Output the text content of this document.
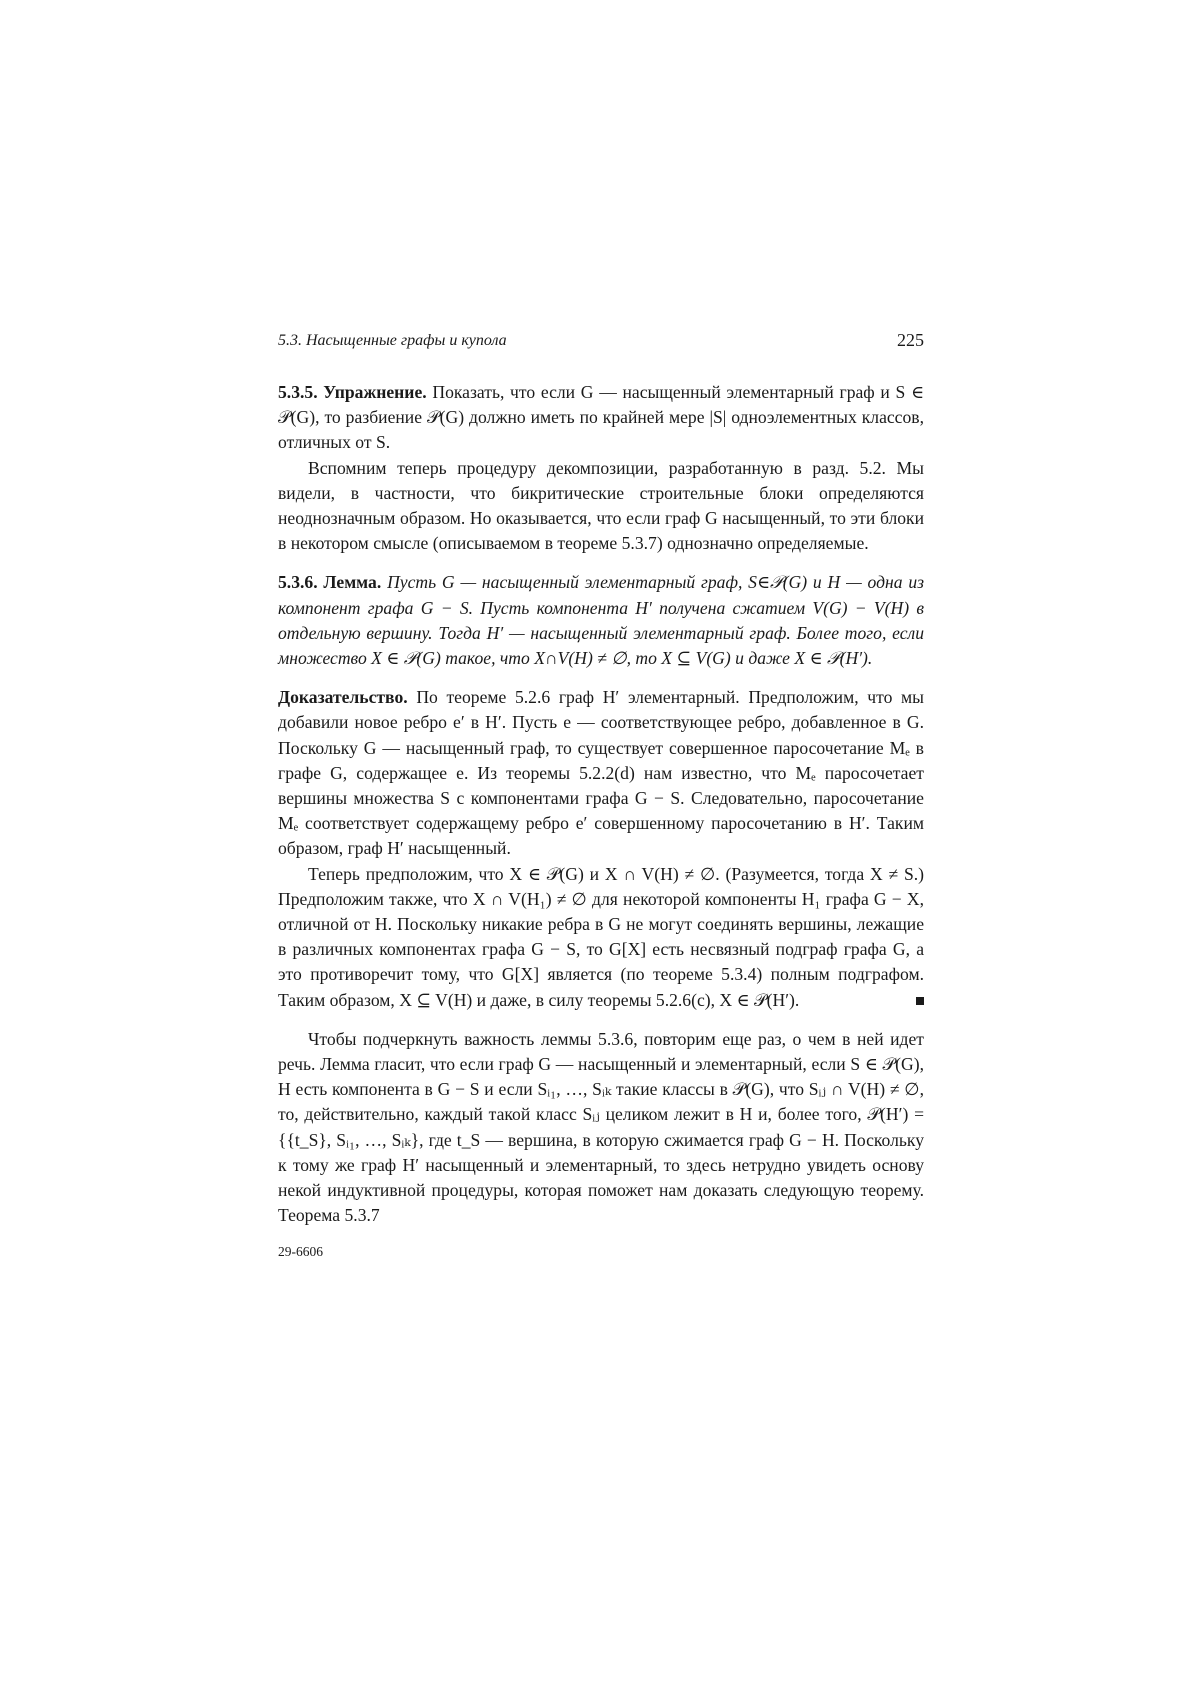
5.3. Насыщенные графы и купола	225

5.3.5. Упражнение. Показать, что если G — насыщенный элементарный граф и S ∈ 𝒫(G), то разбиение 𝒫(G) должно иметь по крайней мере |S| одноэлементных классов, отличных от S.

Вспомним теперь процедуру декомпозиции, разработанную в разд. 5.2. Мы видели, в частности, что бикритические строительные блоки определяются неоднозначным образом. Но оказывается, что если граф G насыщенный, то эти блоки в некотором смысле (описываемом в теореме 5.3.7) однозначно определяемые.

5.3.6. Лемма. Пусть G — насыщенный элементарный граф, S∈𝒫(G) и H — одна из компонент графа G − S. Пусть компонента H′ получена сжатием V(G) − V(H) в отдельную вершину. Тогда H′ — насыщенный элементарный граф. Более того, если множество X ∈ 𝒫(G) такое, что X∩V(H) ≠ ∅, то X ⊆ V(G) и даже X ∈ 𝒫(H′).

Доказательство. По теореме 5.2.6 граф H′ элементарный. Предположим, что мы добавили новое ребро e′ в H′. Пусть e — соответствующее ребро, добавленное в G. Поскольку G — насыщенный граф, то существует совершенное паросочетание Mₑ в графе G, содержащее e. Из теоремы 5.2.2(d) нам известно, что Mₑ паросочетает вершины множества S с компонентами графа G − S. Следовательно, паросочетание Mₑ соответствует содержащему ребро e′ совершенному паросочетанию в H′. Таким образом, граф H′ насыщенный.

Теперь предположим, что X ∈ 𝒫(G) и X ∩ V(H) ≠ ∅. (Разумеется, тогда X ≠ S.) Предположим также, что X ∩ V(H₁) ≠ ∅ для некоторой компоненты H₁ графа G − X, отличной от H. Поскольку никакие ребра в G не могут соединять вершины, лежащие в различных компонентах графа G − S, то G[X] есть несвязный подграф графа G, а это противоречит тому, что G[X] является (по теореме 5.3.4) полным подграфом. Таким образом, X ⊆ V(H) и даже, в силу теоремы 5.2.6(c), X ∈ 𝒫(H′).

Чтобы подчеркнуть важность леммы 5.3.6, повторим еще раз, о чем в ней идет речь. Лемма гласит, что если граф G — насыщенный и элементарный, если S ∈ 𝒫(G), H есть компонента в G − S и если Sᵢ₁, …, Sᵢₖ такие классы в 𝒫(G), что Sᵢⱼ ∩ V(H) ≠ ∅, то, действительно, каждый такой класс Sᵢⱼ целиком лежит в H и, более того, 𝒫(H′) = {{t_S}, Sᵢ₁, …, Sᵢₖ}, где t_S — вершина, в которую сжимается граф G − H. Поскольку к тому же граф H′ насыщенный и элементарный, то здесь нетрудно увидеть основу некой индуктивной процедуры, которая поможет нам доказать следующую теорему. Теорема 5.3.7

29-6606
